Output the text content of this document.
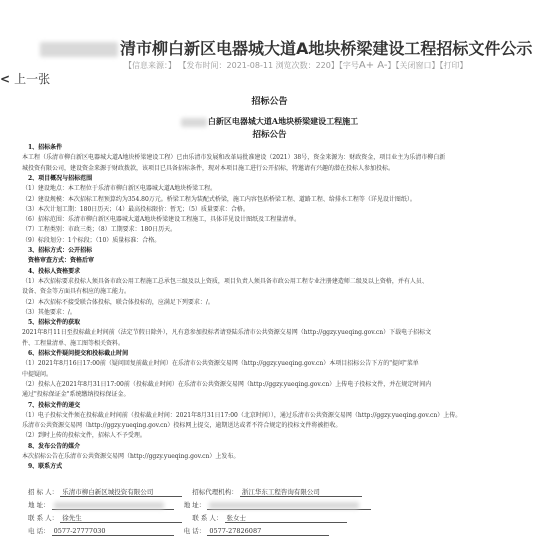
清市柳白新区电器城大道A地块桥梁建设工程招标文件公示
【信息来源：】 【发布时间：2021-08-11 浏览次数：220】【字号A+ A-】【关闭窗口】【打印】
< 上一张
招标公告
白新区电器城大道A地块桥梁建设工程施工
招标公告
1、招标条件
本工程（乐清市柳白新区电器城大道A地块桥梁建设工程）已由乐清市发展和改革局批准建设（2021）38号，资金来源为：财政资金，项目业主为乐清市柳白新
城投资有限公司，建设资金来源于财政拨款，该项目已具备招标条件，现对本项目施工进行公开招标，特邀请有兴趣的潜在投标人参加投标。
2、项目概况与招标范围
（1）建设地点：本工程位于乐清市柳白新区电器城大道A地块桥梁工程。
（2）建设规模：本次招标工程预算约为354.80万元。桥梁工程为装配式桥梁，施工内容包括桥梁工程、道路工程、给排水工程等（详见设计图纸）。
（3）本次计划工期：180日历天；（4）最高投标限价：暂无；（5）质量要求：合格。
（6）招标范围：乐清市柳白新区电器城大道A地块桥梁建设工程施工，具体详见设计图纸及工程量清单。
（7）工程类别：市政三类；（8）工期要求：180日历天。
（9）标段划分：1个标段；（10）质量标准：合格。
3、招标方式：公开招标
资格审查方式：资格后审
4、投标人资格要求
（1）本次招标要求投标人须具备市政公用工程施工总承包三级及以上资质，项目负责人须具备市政公用工程专业注册建造师二级及以上资格，并有人员、
设备、资金等方面具有相应的施工能力。
（2）本次招标不接受联合体投标，联合体投标的，应满足下列要求：/。
（3）其他要求：/。
5、招标文件的获取
2021年8月11日至投标截止时间前（法定节假日除外），凡有意参加投标者请登陆乐清市公共资源交易网（http://ggzy.yueqing.gov.cn）下载电子招标文
件、工程量清单、施工图等相关资料。
6、招标文件疑问提交和投标截止时间
（1）2021年8月16日17:00前（疑问回复前截止时间）在乐清市公共资源交易网（http://ggzy.yueqing.gov.cn）本项目招标公告下方的"提问"菜单
中提疑问。
（2）投标人在2021年8月31日17:00前（投标截止时间）在乐清市公共资源交易网（http://ggzy.yueqing.gov.cn）上传电子投标文件，并在规定时间内
通过"投标保证金"系统缴纳投标保证金。
7、投标文件的递交
（1）电子投标文件须在投标截止时间前（投标截止时间：2021年8月31日17:00（北京时间）），通过乐清市公共资源交易网（http://ggzy.yueqing.gov.cn）上传。
乐清市公共资源交易网（http://ggzy.yueqing.gov.cn）投标网上提交，逾期送达或者不符合规定的投标文件将被拒收。
（2）到时上传的投标文件，招标人不予受理。
8、发布公告的媒介
本次招标公告在乐清市公共资源交易网（http://ggzy.yueqing.gov.cn）上发布。
9、联系方式
招 标 人： 乐清市柳白新区城投资有限公司	招标代理机构： 浙江华东工程咨询有限公司
地 址：	地 址：
联 系 人： 徐先生	联 系 人： 张女士
电 话： 0577-27777030	电 话： 0577-27826087
